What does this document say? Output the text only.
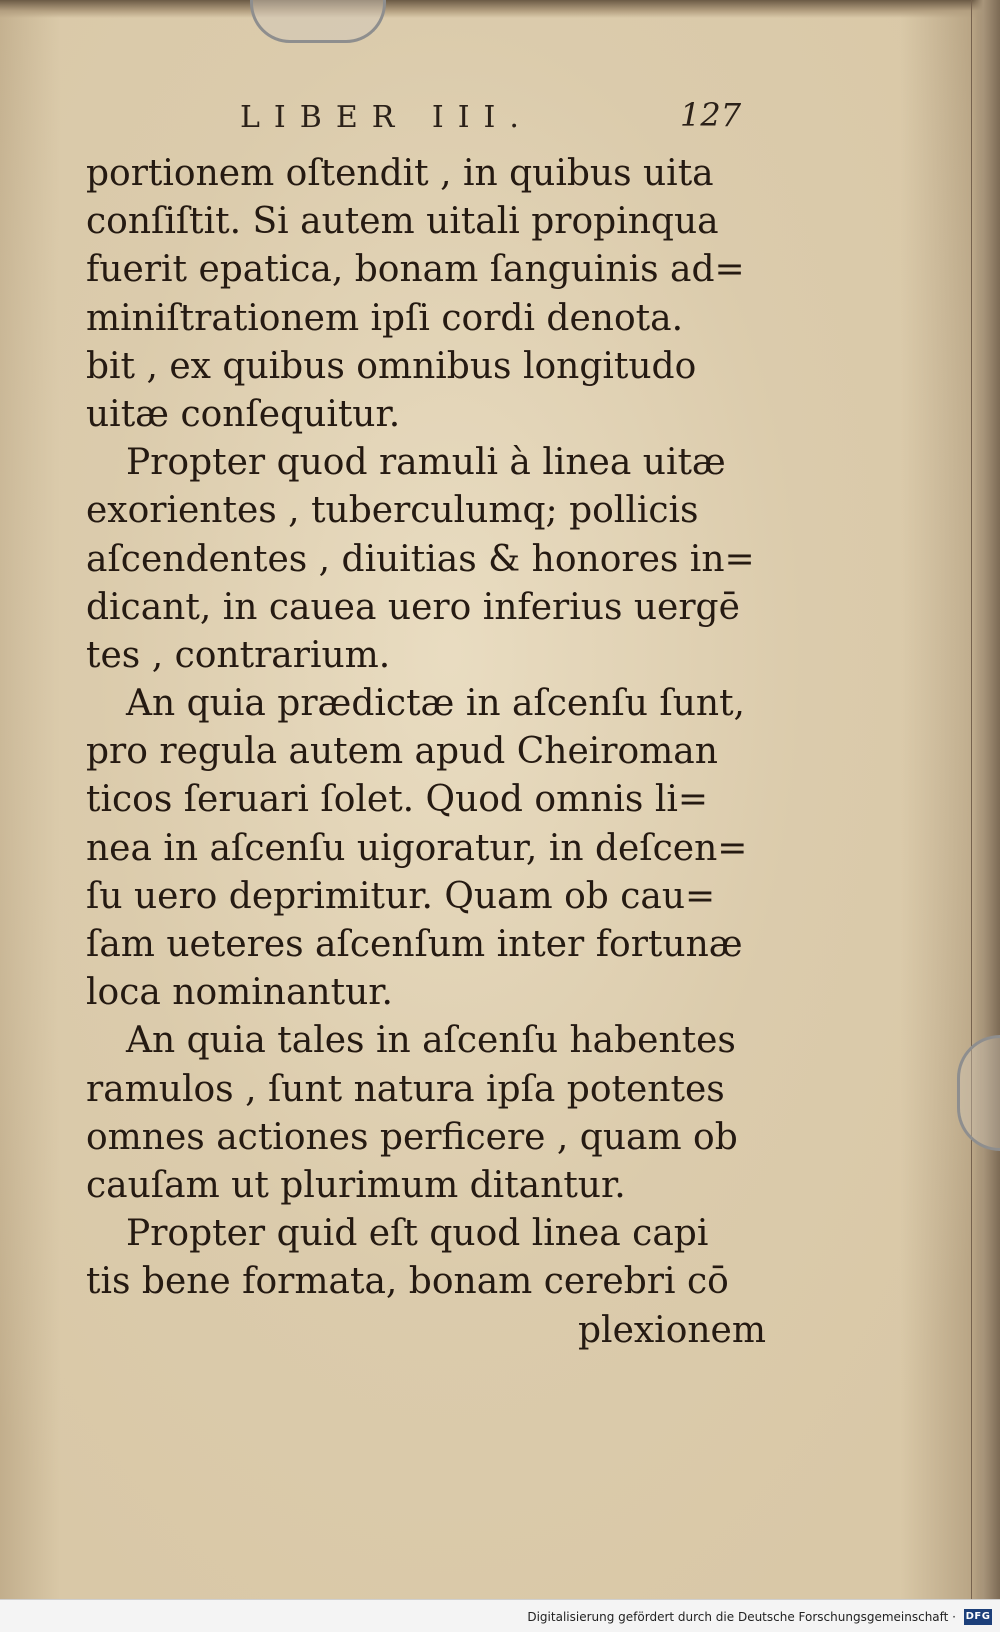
LIBER III.	127
portionem oſtendit , in quibus uita
conſiſtit. Si autem uitali propinqua
fuerit epatica, bonam ſanguinis ad=
miniſtrationem ipſi cordi denota.
bit , ex quibus omnibus longitudo
uitæ conſequitur.
Propter quod ramuli à linea uitæ
exorientes , tuberculumq; pollicis
aſcendentes , diuitias & honores in=
dicant, in cauea uero inferius uergē
tes , contrarium.
An quia prædictæ in aſcenſu ſunt,
pro regula autem apud Cheiroman
ticos ſeruari ſolet. Quod omnis li=
nea in aſcenſu uigoratur, in deſcen=
ſu uero deprimitur. Quam ob cau=
ſam ueteres aſcenſum inter fortunæ
loca nominantur.
An quia tales in aſcenſu habentes
ramulos , ſunt natura ipſa potentes
omnes actiones perficere , quam ob
cauſam ut plurimum ditantur.
Propter quid eſt quod linea capi
tis bene formata, bonam cerebri cō
plexionem
Digitalisierung gefördert durch die Deutsche Forschungsgemeinschaft · DFG
